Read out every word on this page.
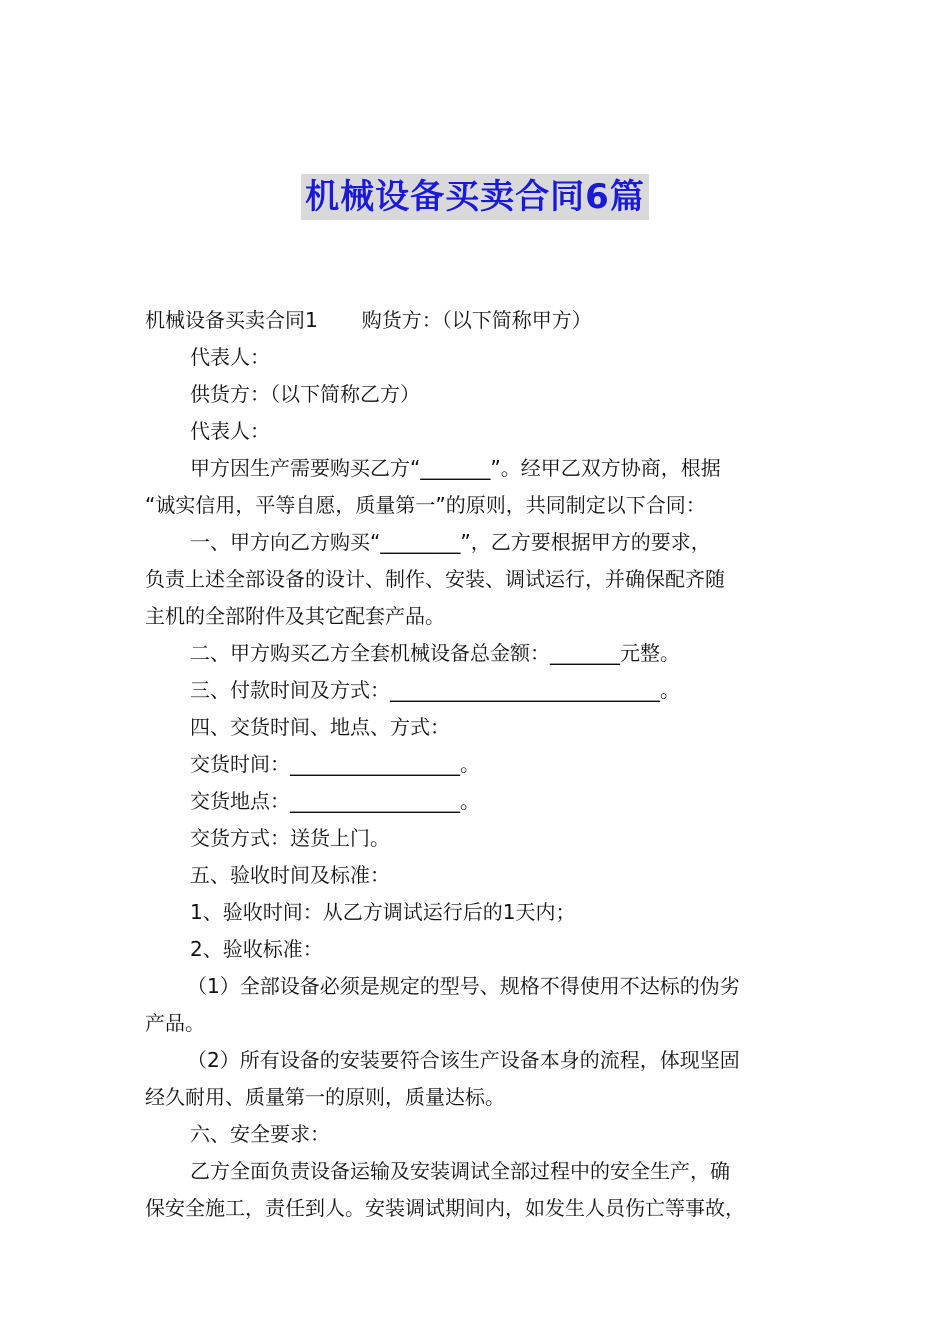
机械设备买卖合同6篇
机械设备买卖合同1 购货方：（以下简称甲方）
代表人：
供货方：（以下简称乙方）
代表人：
甲方因生产需要购买乙方“_______”。经甲乙双方协商，根据
“诚实信用，平等自愿，质量第一”的原则，共同制定以下合同：
一、甲方向乙方购买“________”，乙方要根据甲方的要求，
负责上述全部设备的设计、制作、安装、调试运行，并确保配齐随
主机的全部附件及其它配套产品。
二、甲方购买乙方全套机械设备总金额：_______元整。
三、付款时间及方式：___________________________。
四、交货时间、地点、方式：
交货时间：_________________。
交货地点：_________________。
交货方式：送货上门。
五、验收时间及标准：
1、验收时间：从乙方调试运行后的1天内；
2、验收标准：
（1）全部设备必须是规定的型号、规格不得使用不达标的伪劣
产品。
（2）所有设备的安装要符合该生产设备本身的流程，体现坚固
经久耐用、质量第一的原则，质量达标。
六、安全要求：
乙方全面负责设备运输及安装调试全部过程中的安全生产，确
保安全施工，责任到人。安装调试期间内，如发生人员伤亡等事故，
